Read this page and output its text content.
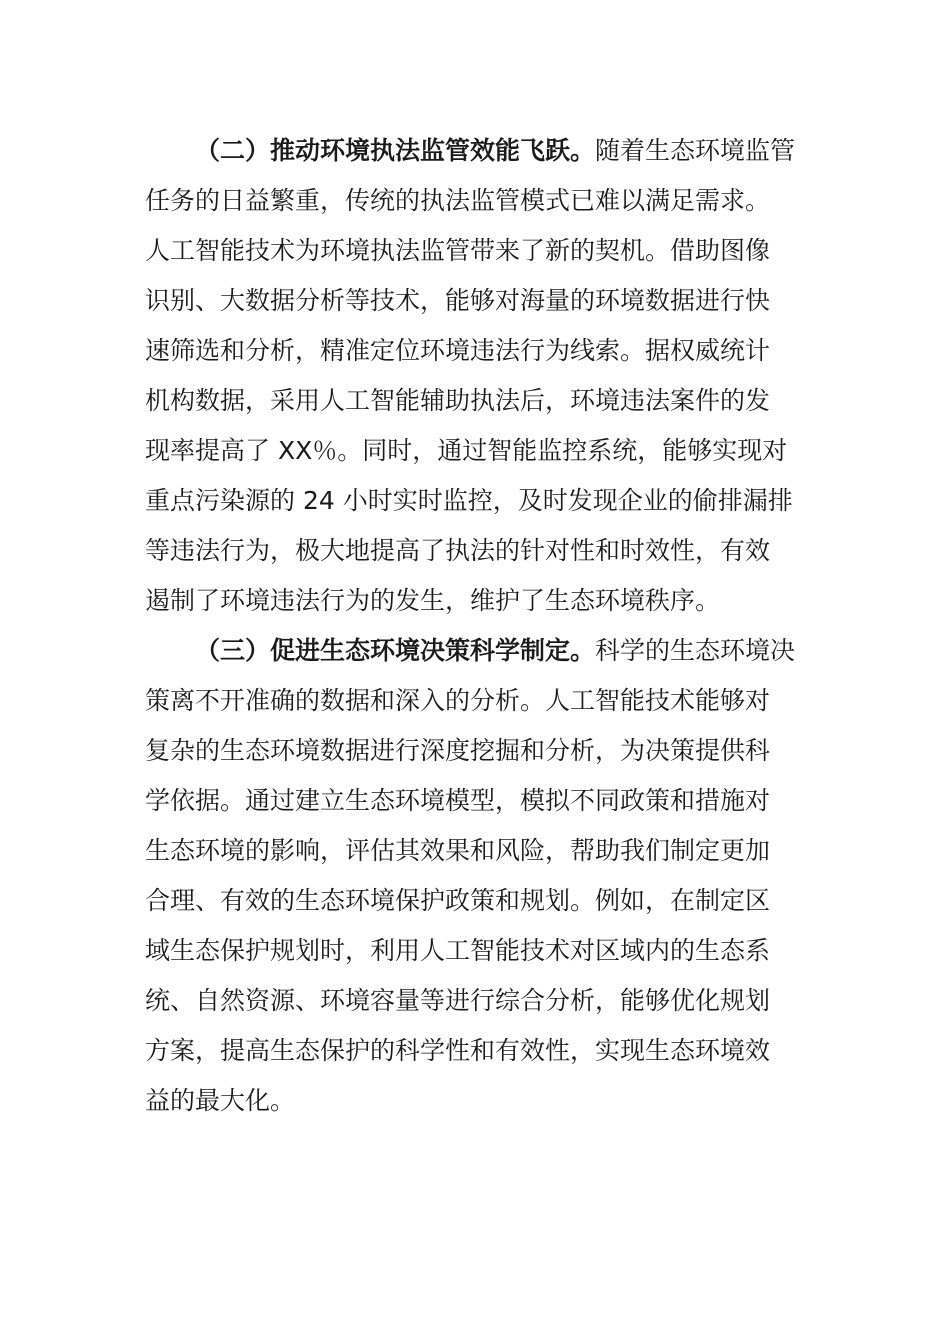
（二）推动环境执法监管效能飞跃。随着生态环境监管
任务的日益繁重，传统的执法监管模式已难以满足需求。
人工智能技术为环境执法监管带来了新的契机。借助图像
识别、大数据分析等技术，能够对海量的环境数据进行快
速筛选和分析，精准定位环境违法行为线索。据权威统计
机构数据，采用人工智能辅助执法后，环境违法案件的发
现率提高了 XX％。同时，通过智能监控系统，能够实现对
重点污染源的 24 小时实时监控，及时发现企业的偷排漏排
等违法行为，极大地提高了执法的针对性和时效性，有效
遏制了环境违法行为的发生，维护了生态环境秩序。
（三）促进生态环境决策科学制定。科学的生态环境决
策离不开准确的数据和深入的分析。人工智能技术能够对
复杂的生态环境数据进行深度挖掘和分析，为决策提供科
学依据。通过建立生态环境模型，模拟不同政策和措施对
生态环境的影响，评估其效果和风险，帮助我们制定更加
合理、有效的生态环境保护政策和规划。例如，在制定区
域生态保护规划时，利用人工智能技术对区域内的生态系
统、自然资源、环境容量等进行综合分析，能够优化规划
方案，提高生态保护的科学性和有效性，实现生态环境效
益的最大化。
